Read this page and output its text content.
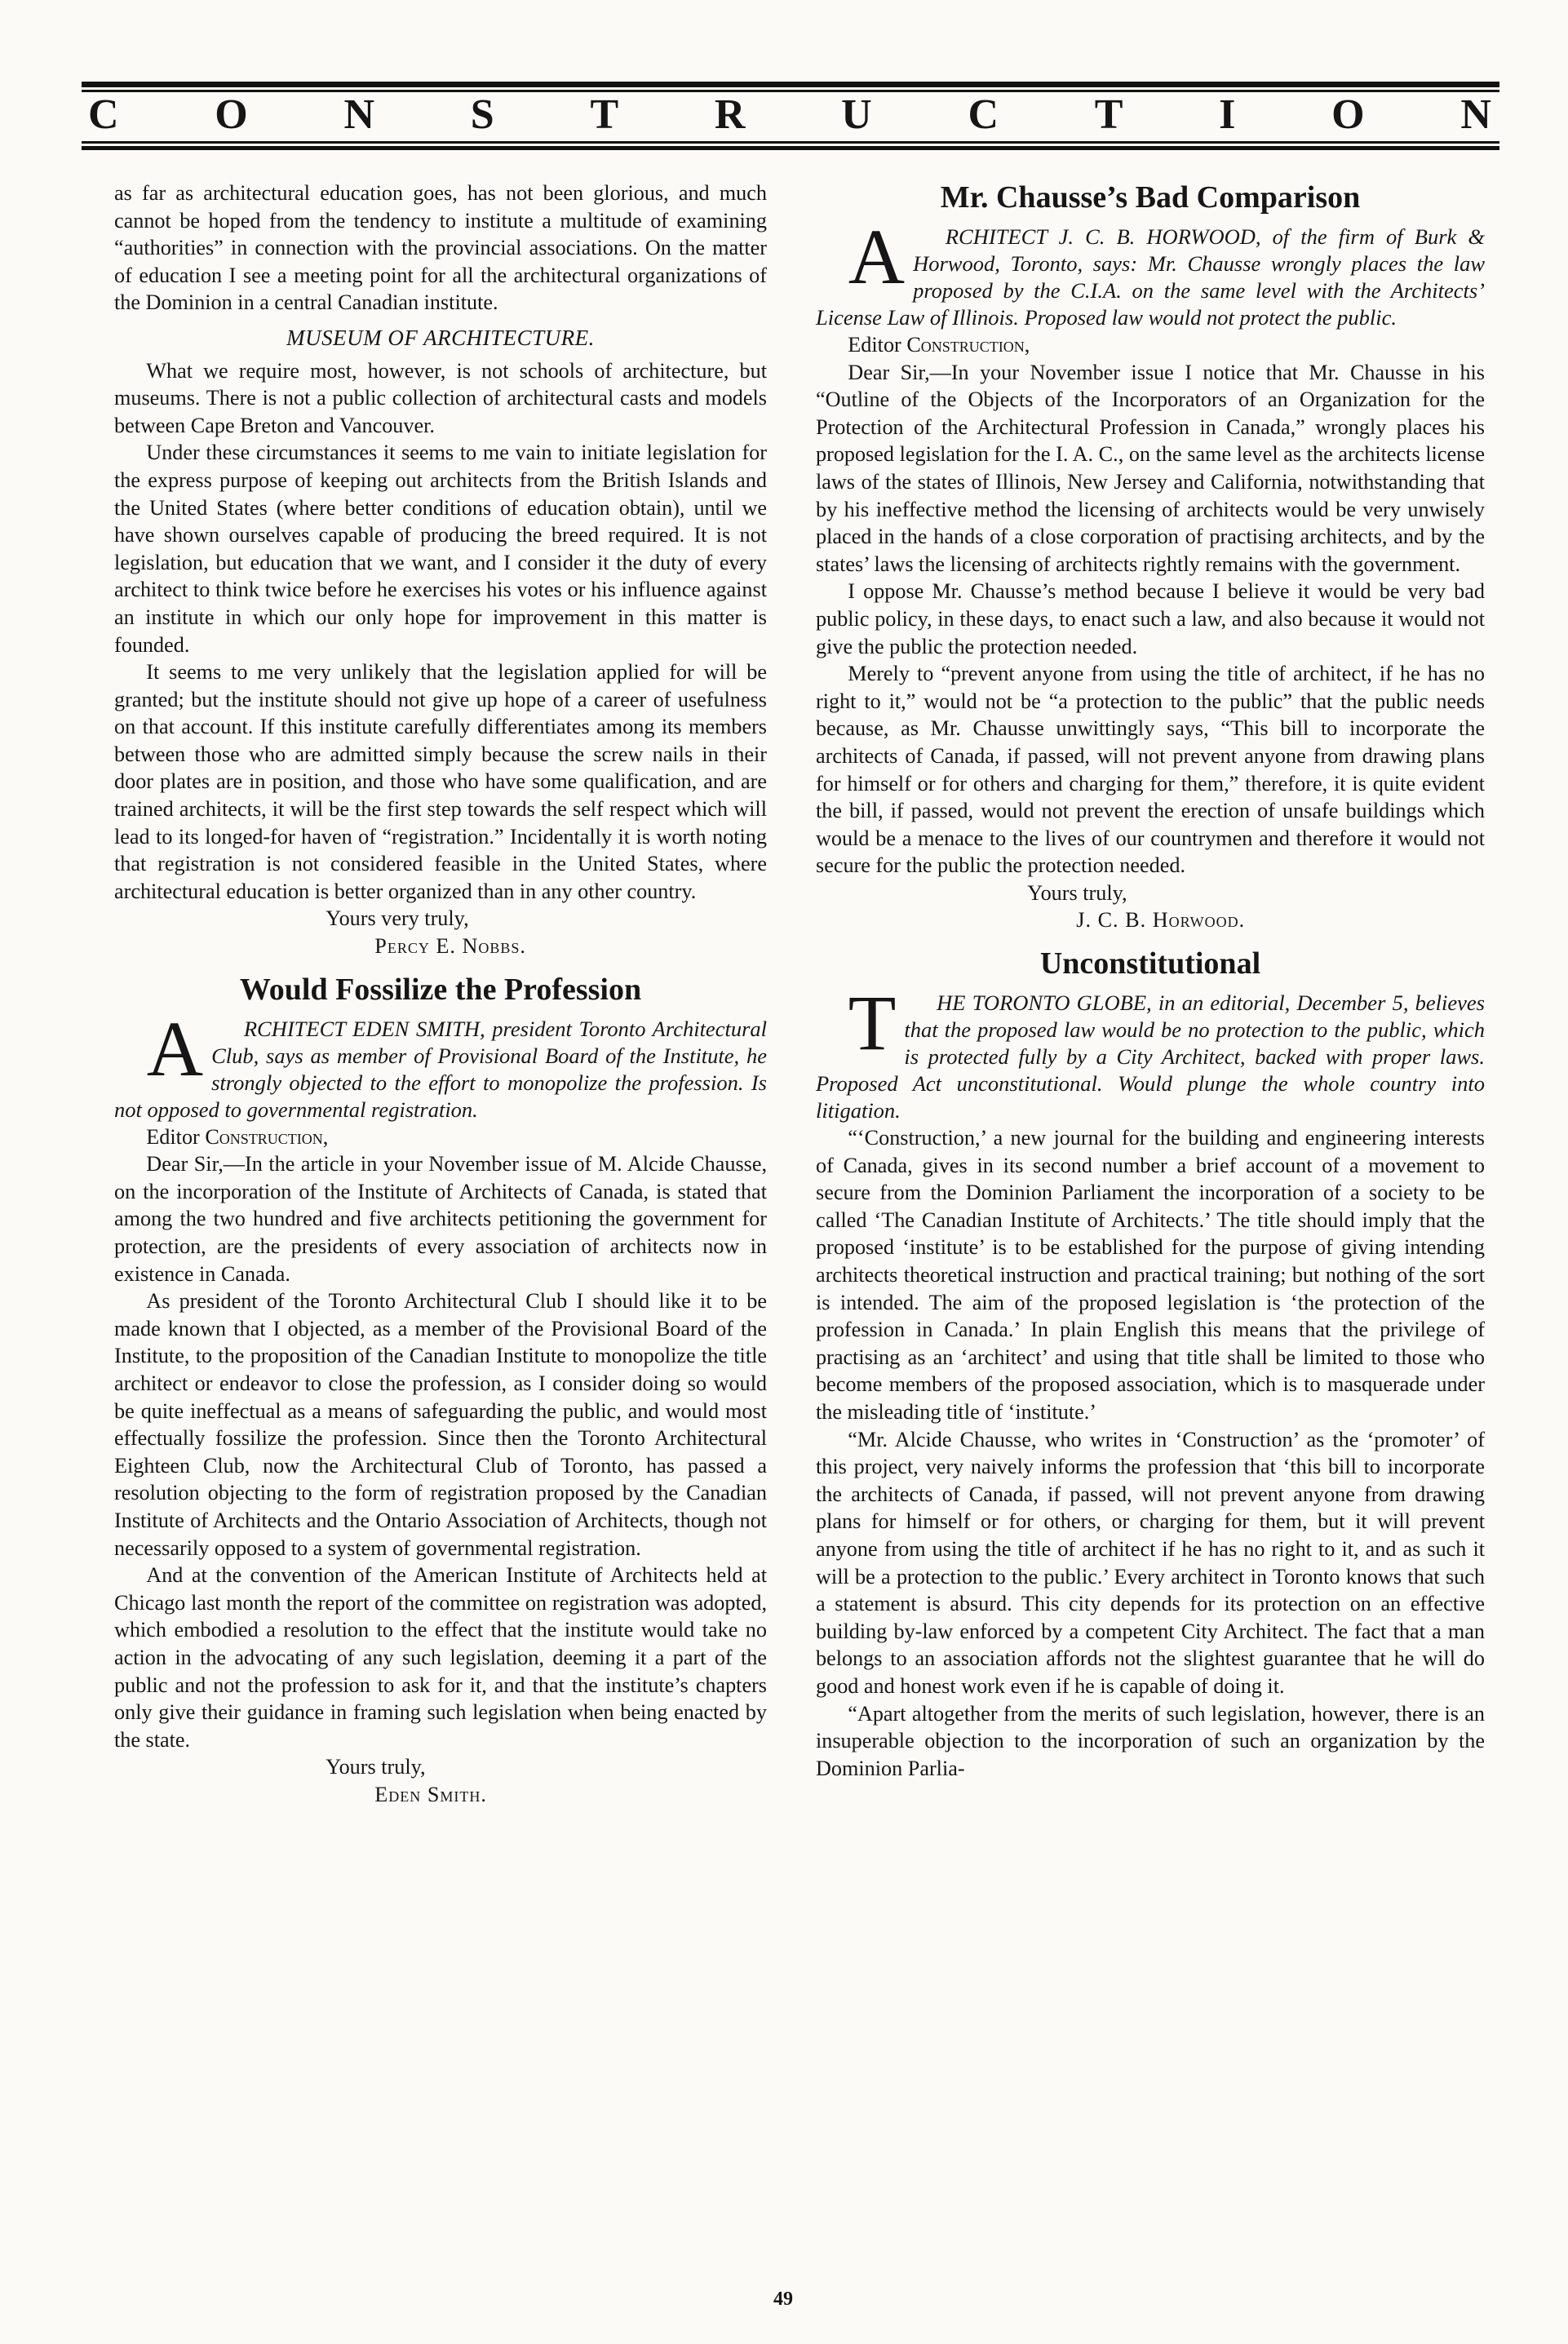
C O N S T R U C T I O N

as far as architectural education goes, has not been glorious, and much cannot be hoped from the tendency to institute a multitude of examining “authorities” in connection with the provincial associations. On the matter of education I see a meeting point for all the architectural organizations of the Dominion in a central Canadian institute.

MUSEUM OF ARCHITECTURE.

What we require most, however, is not schools of architecture, but museums. There is not a public collection of architectural casts and models between Cape Breton and Vancouver.

Under these circumstances it seems to me vain to initiate legislation for the express purpose of keeping out architects from the British Islands and the United States (where better conditions of education obtain), until we have shown ourselves capable of producing the breed required. It is not legislation, but education that we want, and I consider it the duty of every architect to think twice before he exercises his votes or his influence against an institute in which our only hope for improvement in this matter is founded.

It seems to me very unlikely that the legislation applied for will be granted; but the institute should not give up hope of a career of usefulness on that account. If this institute carefully differentiates among its members between those who are admitted simply because the screw nails in their door plates are in position, and those who have some qualification, and are trained architects, it will be the first step towards the self respect which will lead to its longed-for haven of “registration.” Incidentally it is worth noting that registration is not considered feasible in the United States, where architectural education is better organized than in any other country.

Yours very truly,

Percy E. Nobbs.

Would Fossilize the Profession

A RCHITECT EDEN SMITH, president Toronto Architectural Club, says as member of Provisional Board of the Institute, he strongly objected to the effort to monopolize the profession. Is not opposed to governmental registration.

Editor Construction,

Dear Sir,—In the article in your November issue of M. Alcide Chausse, on the incorporation of the Institute of Architects of Canada, is stated that among the two hundred and five architects petitioning the government for protection, are the presidents of every association of architects now in existence in Canada.

As president of the Toronto Architectural Club I should like it to be made known that I objected, as a member of the Provisional Board of the Institute, to the proposition of the Canadian Institute to monopolize the title architect or endeavor to close the profession, as I consider doing so would be quite ineffectual as a means of safeguarding the public, and would most effectually fossilize the profession. Since then the Toronto Architectural Eighteen Club, now the Architectural Club of Toronto, has passed a resolution objecting to the form of registration proposed by the Canadian Institute of Architects and the Ontario Association of Architects, though not necessarily opposed to a system of governmental registration.

And at the convention of the American Institute of Architects held at Chicago last month the report of the committee on registration was adopted, which embodied a resolution to the effect that the institute would take no action in the advocating of any such legislation, deeming it a part of the public and not the profession to ask for it, and that the institute’s chapters only give their guidance in framing such legislation when being enacted by the state.

Yours truly,

Eden Smith.

Mr. Chausse’s Bad Comparison

A RCHITECT J. C. B. HORWOOD, of the firm of Burk & Horwood, Toronto, says: Mr. Chausse wrongly places the law proposed by the C.I.A. on the same level with the Architects’ License Law of Illinois. Proposed law would not protect the public.

Editor Construction,

Dear Sir,—In your November issue I notice that Mr. Chausse in his “Outline of the Objects of the Incorporators of an Organization for the Protection of the Architectural Profession in Canada,” wrongly places his proposed legislation for the I. A. C., on the same level as the architects license laws of the states of Illinois, New Jersey and California, notwithstanding that by his ineffective method the licensing of architects would be very unwisely placed in the hands of a close corporation of practising architects, and by the states’ laws the licensing of architects rightly remains with the government.

I oppose Mr. Chausse’s method because I believe it would be very bad public policy, in these days, to enact such a law, and also because it would not give the public the protection needed.

Merely to “prevent anyone from using the title of architect, if he has no right to it,” would not be “a protection to the public” that the public needs because, as Mr. Chausse unwittingly says, “This bill to incorporate the architects of Canada, if passed, will not prevent anyone from drawing plans for himself or for others and charging for them,” therefore, it is quite evident the bill, if passed, would not prevent the erection of unsafe buildings which would be a menace to the lives of our countrymen and therefore it would not secure for the public the protection needed.

Yours truly,

J. C. B. Horwood.

Unconstitutional

T HE TORONTO GLOBE, in an editorial, December 5, believes that the proposed law would be no protection to the public, which is protected fully by a City Architect, backed with proper laws. Proposed Act unconstitutional. Would plunge the whole country into litigation.

“‘Construction,’ a new journal for the building and engineering interests of Canada, gives in its second number a brief account of a movement to secure from the Dominion Parliament the incorporation of a society to be called ‘The Canadian Institute of Architects.’ The title should imply that the proposed ‘institute’ is to be established for the purpose of giving intending architects theoretical instruction and practical training; but nothing of the sort is intended. The aim of the proposed legislation is ‘the protection of the profession in Canada.’ In plain English this means that the privilege of practising as an ‘architect’ and using that title shall be limited to those who become members of the proposed association, which is to masquerade under the misleading title of ‘institute.’

“Mr. Alcide Chausse, who writes in ‘Construction’ as the ‘promoter’ of this project, very naively informs the profession that ‘this bill to incorporate the architects of Canada, if passed, will not prevent anyone from drawing plans for himself or for others, or charging for them, but it will prevent anyone from using the title of architect if he has no right to it, and as such it will be a protection to the public.’ Every architect in Toronto knows that such a statement is absurd. This city depends for its protection on an effective building by-law enforced by a competent City Architect. The fact that a man belongs to an association affords not the slightest guarantee that he will do good and honest work even if he is capable of doing it.

“Apart altogether from the merits of such legislation, however, there is an insuperable objection to the incorporation of such an organization by the Dominion Parlia-

49
